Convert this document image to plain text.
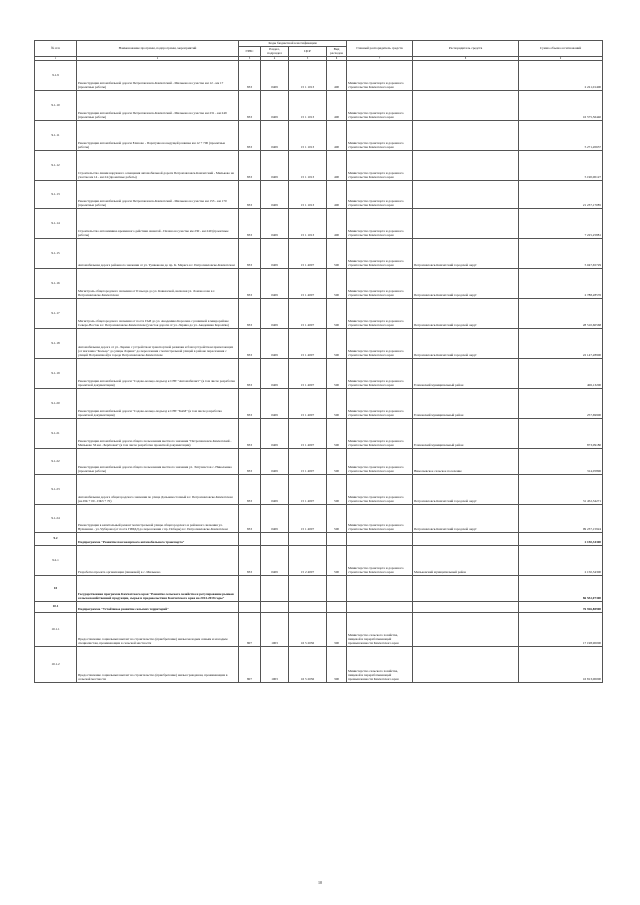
№ п/п	Наименование программ, подпрограмм, мероприятий	Коды бюджетной классификации				Главный распорядитель средств	Распорядитель средств	Сумма объема ассигнований
		ГРБС	Раздел, подраздел	ЦСР	Вид расходов			
1	2	3	4	5	6	7	8	9
9.1.9	Реконструкция автомобильной дороги Петропавловск-Камчатский - Мильково на участке км 12 - км 17 (проектные работы)	833	0409	15 1 1013	400	Министерство транспорта и дорожного строительства Камчатского края		2 221,01400
9.1.10	Реконструкция автомобильной дороги Петропавловск-Камчатский - Мильково на участке км 231 - км 249 (проектные работы)	833	0409	15 1 1013	400	Министерство транспорта и дорожного строительства Камчатского края		16 575,56440
9.1.11	Реконструкция автомобильной дороги Елизово - Паратунка на ведущей развязке км 12 + 700 (проектные работы)	833	0409	15 1 1013	400	Министерство транспорта и дорожного строительства Камчатского края		5 271,20637
9.1.12	Строительство линии наружного освещения автомобильной дороги Петропавловск-Камчатский - Мильково на участке км 14 - км 24 (проектные работы)	833	0409	15 1 1013	400	Министерство транспорта и дорожного строительства Камчатского края		5 190,00127
9.1.13	Реконструкция автомобильной дороги Петропавловск-Камчатский - Мильково на участке км 153 - км 170 (проектные работы)	833	0409	15 1 1013	400	Министерство транспорта и дорожного строительства Камчатского края		21 237,17085
9.1.14	Строительство автозимника временного действия Анавгай - Палана на участке км 230 - км 240 (проектные работы)	833	0409	15 1 1013	400	Министерство транспорта и дорожного строительства Камчатского края		7 225,25881
9.1.15	Автомобильная дорога районного значения от ул. Тушканова до пр. К. Маркса в г. Петропавловске-Камчатском	833	0409	15 1 4007	500	Министерство транспорта и дорожного строительства Камчатского края	Петропавловск-Камчатский городской округ	5 047,65729
9.1.16	Магистраль общегородского значения от II въезда до ул. Кавказской, включая ул. Ломоносова в г. Петропавловске-Камчатском	833	0409	15 1 4007	500	Министерство транспорта и дорожного строительства Камчатского края	Петропавловск-Камчатский городской округ	2 788,28576
9.1.17	Магистраль общегородского значения от поста ГАИ до ул. Академика Королева с развязкой в микрорайоне Северо-Восток в г. Петропавловске-Камчатском (участок дороги от ул. Ларина до ул. Академика Королёва)	833	0409	15 1 4007	500	Министерство транспорта и дорожного строительства Камчатского края	Петропавловск-Камчатский городской округ	28 510,60568
9.1.18	Автомобильная дорога от ул. Ларина с устройством транспортной развязки и благоустройством прилегающих (от магазина "Кольцо" до улицы Ларина" до пересечения с магистральной улицей в районе пересечения с улицей Пограничной) в городе Петропавловске-Камчатском	833	0409	15 1 4007	500	Министерство транспорта и дорожного строительства Камчатского края	Петропавловск-Камчатский городской округ	22 147,28900
9.1.19	Реконструкция автомобильной дороги "Садово-кольцо-подъезд к СНТ "Автомобилист" (в том числе разработка проектной документации)	833	0409	15 1 4007	500	Министерство транспорта и дорожного строительства Камчатского края	Елизовский муниципальный район	406,13200
9.1.20	Реконструкция автомобильной дороги "Садово-кольцо-подъезд к СНТ "БАМ" (в том числе разработка проектной документации)	833	0409	15 1 4007	500	Министерство транспорта и дорожного строительства Камчатского края	Елизовский муниципальный район	257,69900
9.1.21	Реконструкция автомобильной дороги общего пользования местного значения "Петропавловск-Камчатский - Мильково 56 км - Берёзовая" (в том числе разработка проектной документации)	833	0409	15 1 4007	500	Министерство транспорта и дорожного строительства Камчатского края	Елизовский муниципальный район	873,09180
9.1.22	Реконструкция автомобильной дороги общего пользования местного значения ул. Энтузиастов с. Николаевка (проектные работы)	833	0409	15 1 4007	500	Министерство транспорта и дорожного строительства Камчатского края	Николаевское сельское поселение	314,05896
9.1.23	Автомобильная дорога общегородского значения по улице Дальневосточный в г. Петропавловске-Камчатском (на ПК + 00 - ПК3 + 70)	833	0409	15 1 4007	500	Министерство транспорта и дорожного строительства Камчатского края	Петропавловск-Камчатский городской округ	31 452,34271
9.1.24	Реконструкция в капитальный ремонт магистральной улицы общегородского и районного значения ул. Вулканная - ул. Чубарова (от поста ГИБДД до пересечения с пр. Победы) в г. Петропавловске-Камчатском	833	0409	15 1 4007	500	Министерство транспорта и дорожного строительства Камчатского края	Петропавловск-Камчатский городской округ	99 237,15924
9.2	Подпрограмма "Развитие пассажирского автомобильного транспорта"							2 150,34300
9.2.1	Разработка проекта организации (ливневой) в с. Мильково	833	0409	15 2 4007	500	Министерство транспорта и дорожного строительства Камчатского края	Мильковский муниципальный район	2 150,34300
10	Государственная программа Камчатского края "Развитие сельского хозяйства и регулирование рынков сельскохозяйственной продукции, сырья и продовольствия Камчатского края на 2014-2018 годы"							86 552,07300
10.1	Подпрограмма "Устойчивое развитие сельских территорий"							76 926,80900
10.1.1	Предоставление социальных выплат на строительство (приобретение) жилья молодым семьям и молодым специалистам, проживающим в сельской местности	807	1003	16 5 2036	300	Министерство сельского хозяйства, пищевой и перерабатывающей промышленности Камчатского края		17 198,90000
10.1.2	Предоставление социальных выплат на строительство (приобретение) жилья гражданам, проживающим в сельской местности	807	1003	16 5 2036	300	Министерство сельского хозяйства, пищевой и перерабатывающей промышленности Камчатского края		16 813,00000
10
